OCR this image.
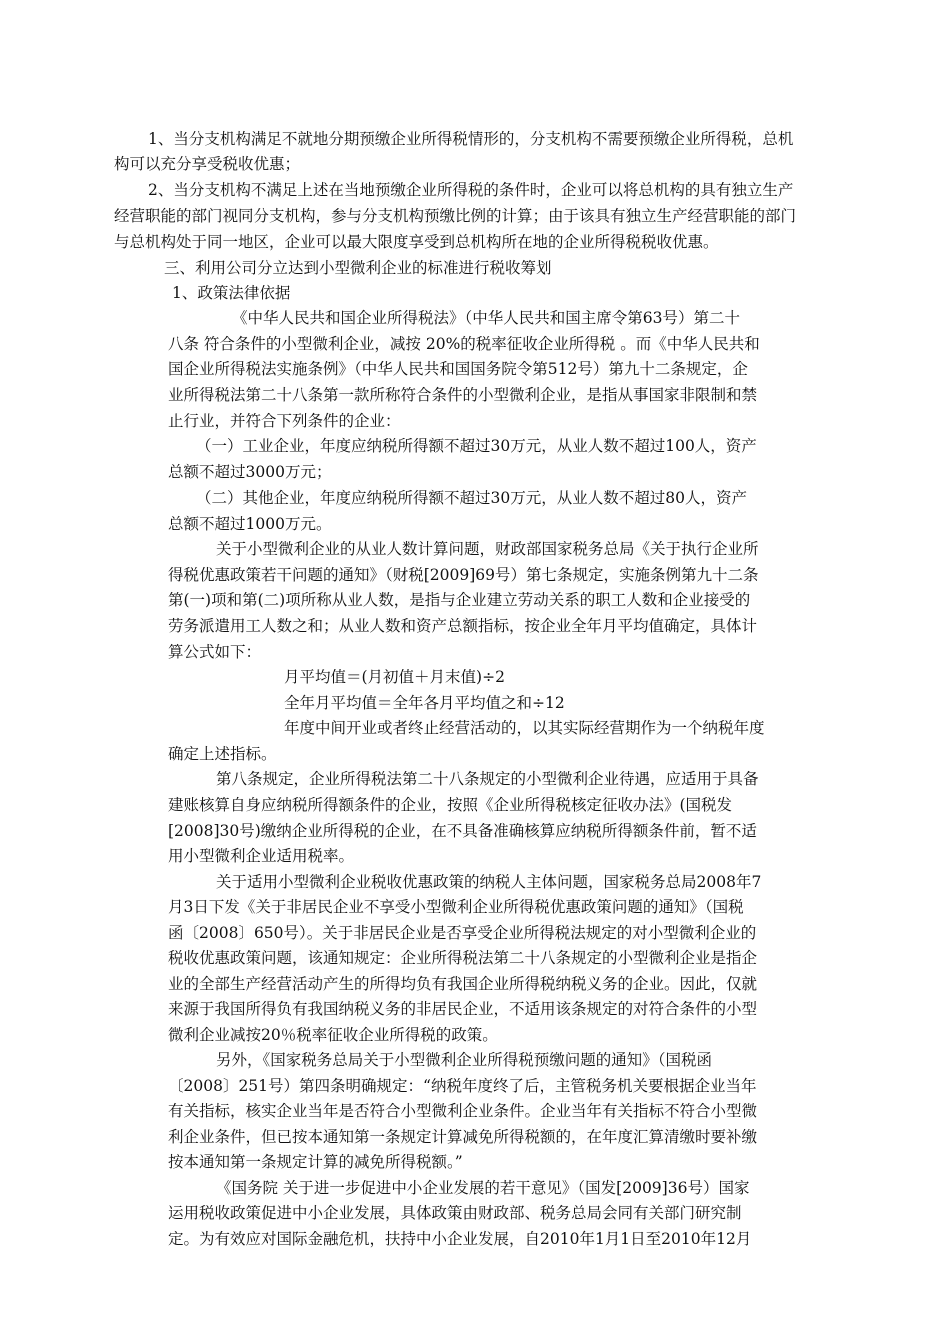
1、当分支机构满足不就地分期预缴企业所得税情形的，分支机构不需要预缴企业所得税，总机
构可以充分享受税收优惠；
2、当分支机构不满足上述在当地预缴企业所得税的条件时，企业可以将总机构的具有独立生产
经营职能的部门视同分支机构，参与分支机构预缴比例的计算；由于该具有独立生产经营职能的部门
与总机构处于同一地区，企业可以最大限度享受到总机构所在地的企业所得税税收优惠。
三、利用公司分立达到小型微利企业的标准进行税收筹划
1、政策法律依据
《中华人民共和国企业所得税法》（中华人民共和国主席令第63号）第二十
八条 符合条件的小型微利企业，减按 20%的税率征收企业所得税 。而《中华人民共和
国企业所得税法实施条例》（中华人民共和国国务院令第512号）第九十二条规定，企
业所得税法第二十八条第一款所称符合条件的小型微利企业，是指从事国家非限制和禁
止行业，并符合下列条件的企业：
（一）工业企业，年度应纳税所得额不超过30万元，从业人数不超过100人，资产
总额不超过3000万元；
（二）其他企业，年度应纳税所得额不超过30万元，从业人数不超过80人，资产
总额不超过1000万元。
关于小型微利企业的从业人数计算问题，财政部国家税务总局《关于执行企业所
得税优惠政策若干问题的通知》（财税[2009]69号）第七条规定，实施条例第九十二条
第(一)项和第(二)项所称从业人数，是指与企业建立劳动关系的职工人数和企业接受的
劳务派遣用工人数之和；从业人数和资产总额指标，按企业全年月平均值确定，具体计
算公式如下：
月平均值＝(月初值＋月末值)÷2
全年月平均值＝全年各月平均值之和÷12
年度中间开业或者终止经营活动的，以其实际经营期作为一个纳税年度
确定上述指标。
第八条规定，企业所得税法第二十八条规定的小型微利企业待遇，应适用于具备
建账核算自身应纳税所得额条件的企业，按照《企业所得税核定征收办法》(国税发
[2008]30号)缴纳企业所得税的企业，在不具备准确核算应纳税所得额条件前，暂不适
用小型微利企业适用税率。
关于适用小型微利企业税收优惠政策的纳税人主体问题，国家税务总局2008年7
月3日下发《关于非居民企业不享受小型微利企业所得税优惠政策问题的通知》（国税
函〔2008〕650号）。关于非居民企业是否享受企业所得税法规定的对小型微利企业的
税收优惠政策问题，该通知规定：企业所得税法第二十八条规定的小型微利企业是指企
业的全部生产经营活动产生的所得均负有我国企业所得税纳税义务的企业。因此，仅就
来源于我国所得负有我国纳税义务的非居民企业，不适用该条规定的对符合条件的小型
微利企业减按20％税率征收企业所得税的政策。
另外，《国家税务总局关于小型微利企业所得税预缴问题的通知》（国税函
〔2008〕251号）第四条明确规定：“纳税年度终了后，主管税务机关要根据企业当年
有关指标，核实企业当年是否符合小型微利企业条件。企业当年有关指标不符合小型微
利企业条件，但已按本通知第一条规定计算减免所得税额的，在年度汇算清缴时要补缴
按本通知第一条规定计算的减免所得税额。”
《国务院 关于进一步促进中小企业发展的若干意见》（国发[2009]36号）国家
运用税收政策促进中小企业发展，具体政策由财政部、税务总局会同有关部门研究制
定。为有效应对国际金融危机，扶持中小企业发展，自2010年1月1日至2010年12月
